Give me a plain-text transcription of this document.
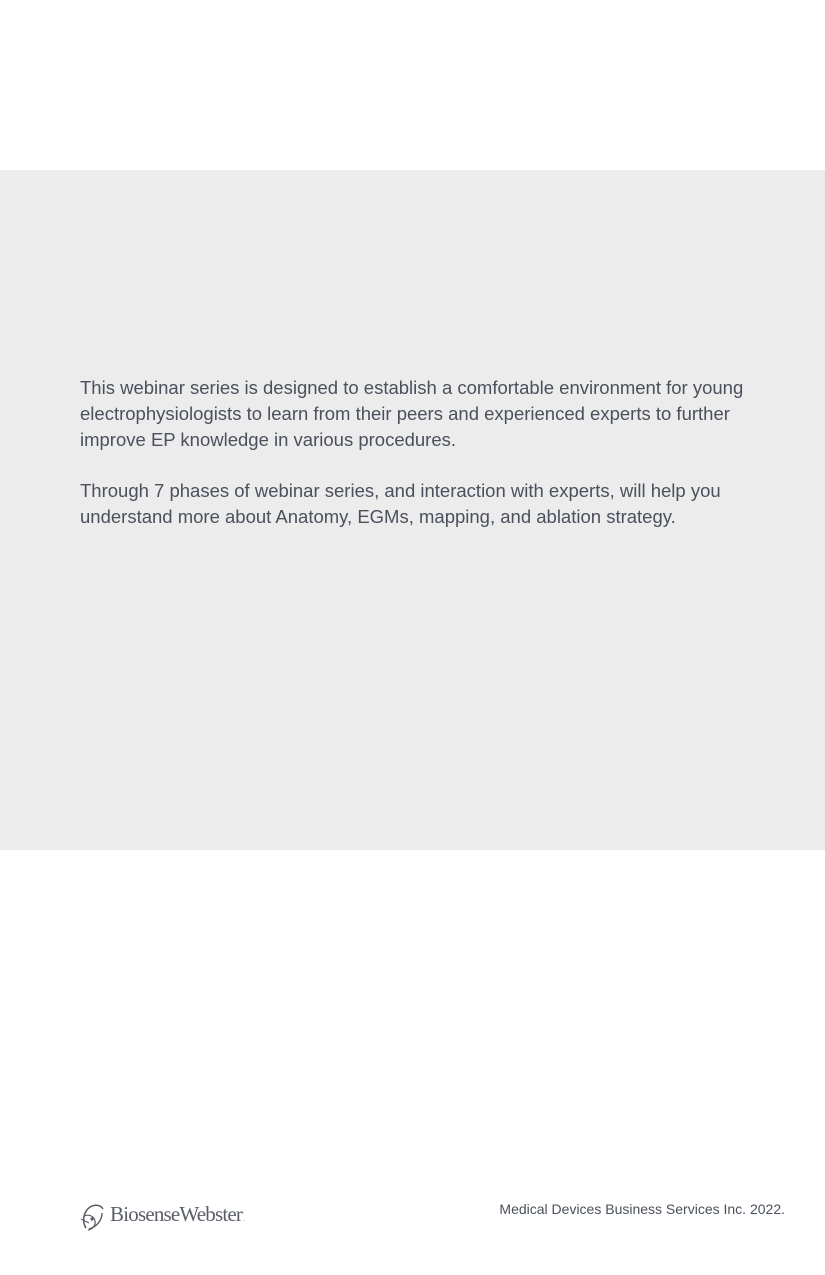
This webinar series is designed to establish a comfortable environment for young electrophysiologists to learn from their peers and experienced experts to further improve EP knowledge in various procedures.

Through 7 phases of webinar series, and interaction with experts, will help you understand more about Anatomy, EGMs, mapping, and ablation strategy.

BiosenseWebster.
Medical Devices Business Services Inc. 2022.
